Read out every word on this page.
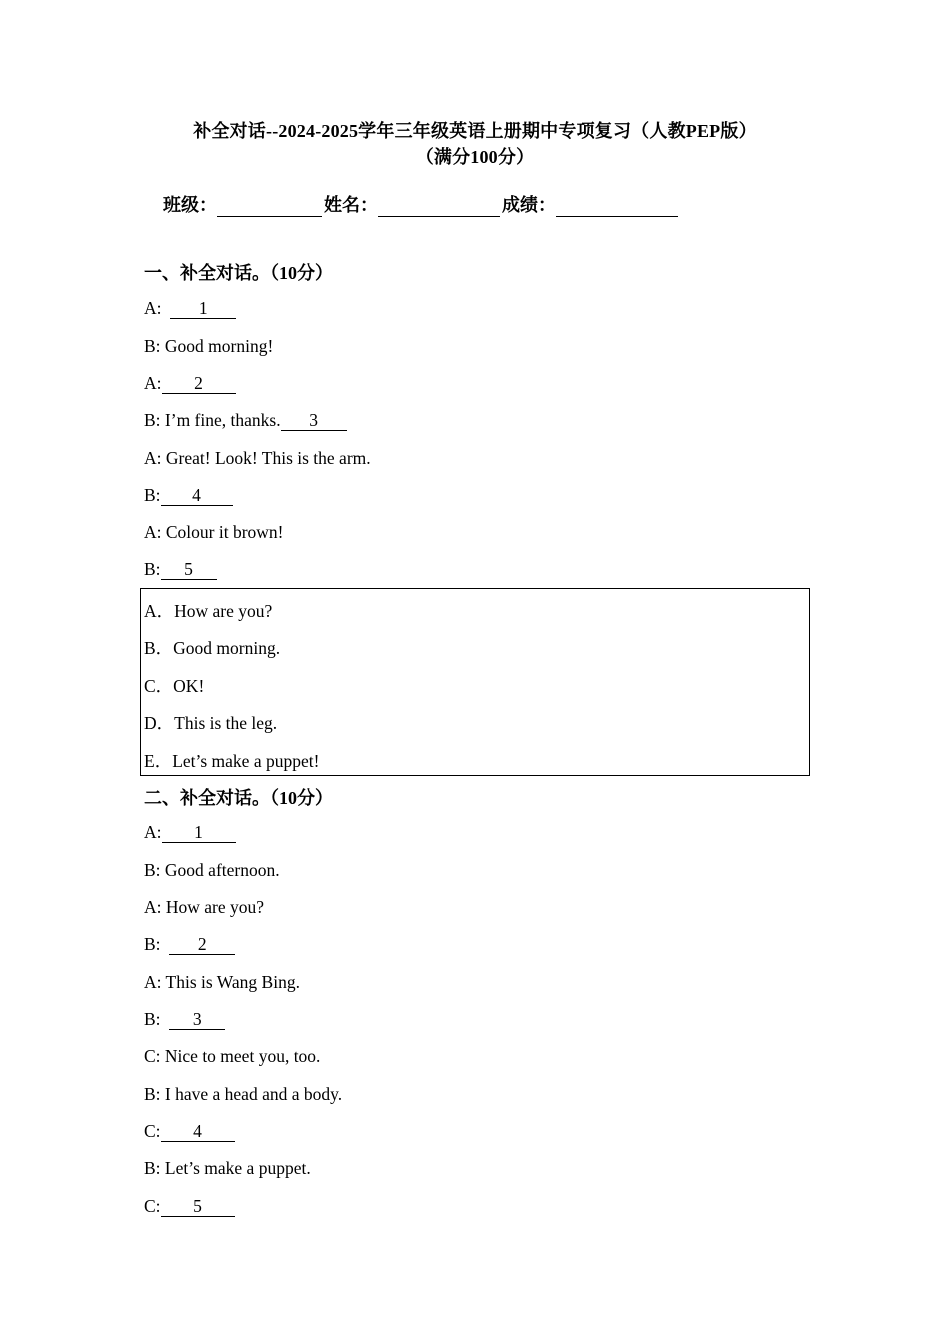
补全对话--2024-2025学年三年级英语上册期中专项复习（人教PEP版）
（满分100分）
班级：	姓名：	成绩：
一、补全对话。（10分）
A:  1
B: Good morning!
A: 2
B: I’m fine, thanks. 3
A: Great! Look! This is the arm.
B: 4
A: Colour it brown!
B: 5
A．How are you?
B．Good morning.
C．OK!
D．This is the leg.
E．Let’s make a puppet!
二、补全对话。（10分）
A: 1
B: Good afternoon.
A: How are you?
B:  2
A: This is Wang Bing.
B:  3
C: Nice to meet you, too.
B: I have a head and a body.
C: 4
B: Let’s make a puppet.
C: 5
